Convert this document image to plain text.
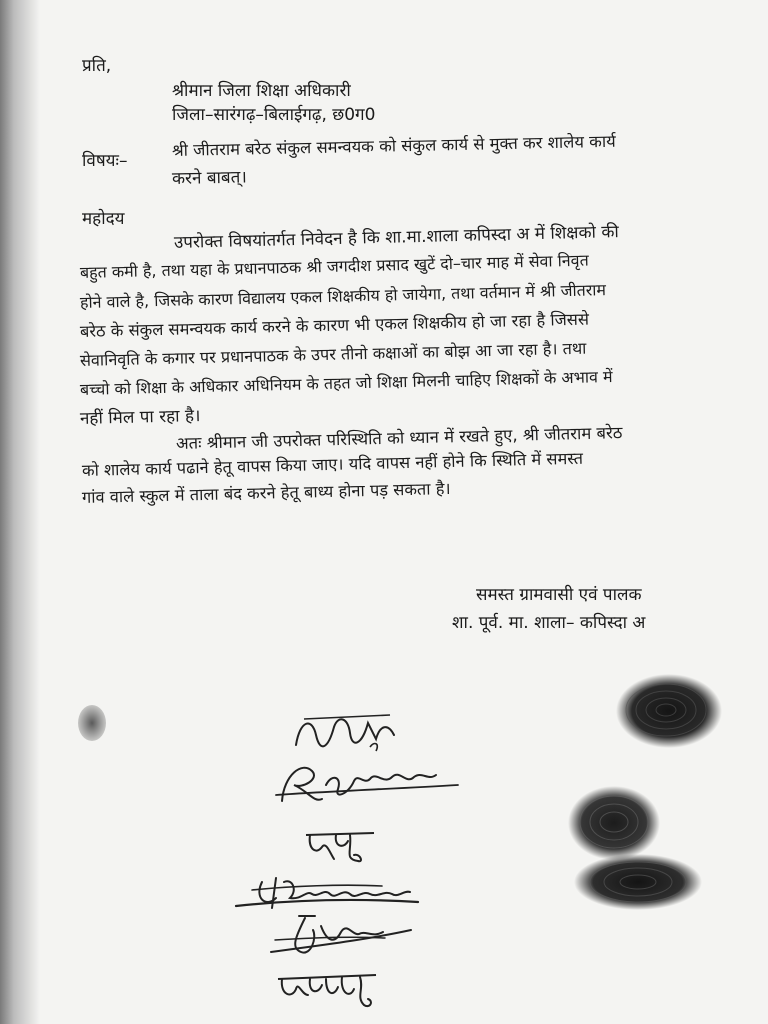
प्रति,
श्रीमान जिला शिक्षा अधिकारी
जिला–सारंगढ़–बिलाईगढ़, छ0ग0
विषयः–
श्री जीतराम बरेठ संकुल समन्वयक को संकुल कार्य से मुक्त कर शालेय कार्य
करने बाबत्।
महोदय
उपरोक्त विषयांतर्गत निवेदन है कि शा.मा.शाला कपिस्दा अ में शिक्षको की
बहुत कमी है, तथा यहा के प्रधानपाठक श्री जगदीश प्रसाद खुटें दो–चार माह में सेवा निवृत
होने वाले है, जिसके कारण विद्यालय एकल शिक्षकीय हो जायेगा, तथा वर्तमान में श्री जीतराम
बरेठ के संकुल समन्वयक कार्य करने के कारण भी एकल शिक्षकीय हो जा रहा है जिससे
सेवानिवृति के कगार पर प्रधानपाठक के उपर तीनो कक्षाओं का बोझ आ जा रहा है। तथा
बच्चो को शिक्षा के अधिकार अधिनियम के तहत जो शिक्षा मिलनी चाहिए शिक्षकों के अभाव में
नहीं मिल पा रहा है।
अतः श्रीमान जी उपरोक्त परिस्थिति को ध्यान में रखते हुए, श्री जीतराम बरेठ
को शालेय कार्य पढाने हेतू वापस किया जाए। यदि वापस नहीं होने कि स्थिति में समस्त
गांव वाले स्कुल में ताला बंद करने हेतू बाध्य होना पड़ सकता है।
समस्त ग्रामवासी एवं पालक
शा. पूर्व. मा. शाला– कपिस्दा अ
